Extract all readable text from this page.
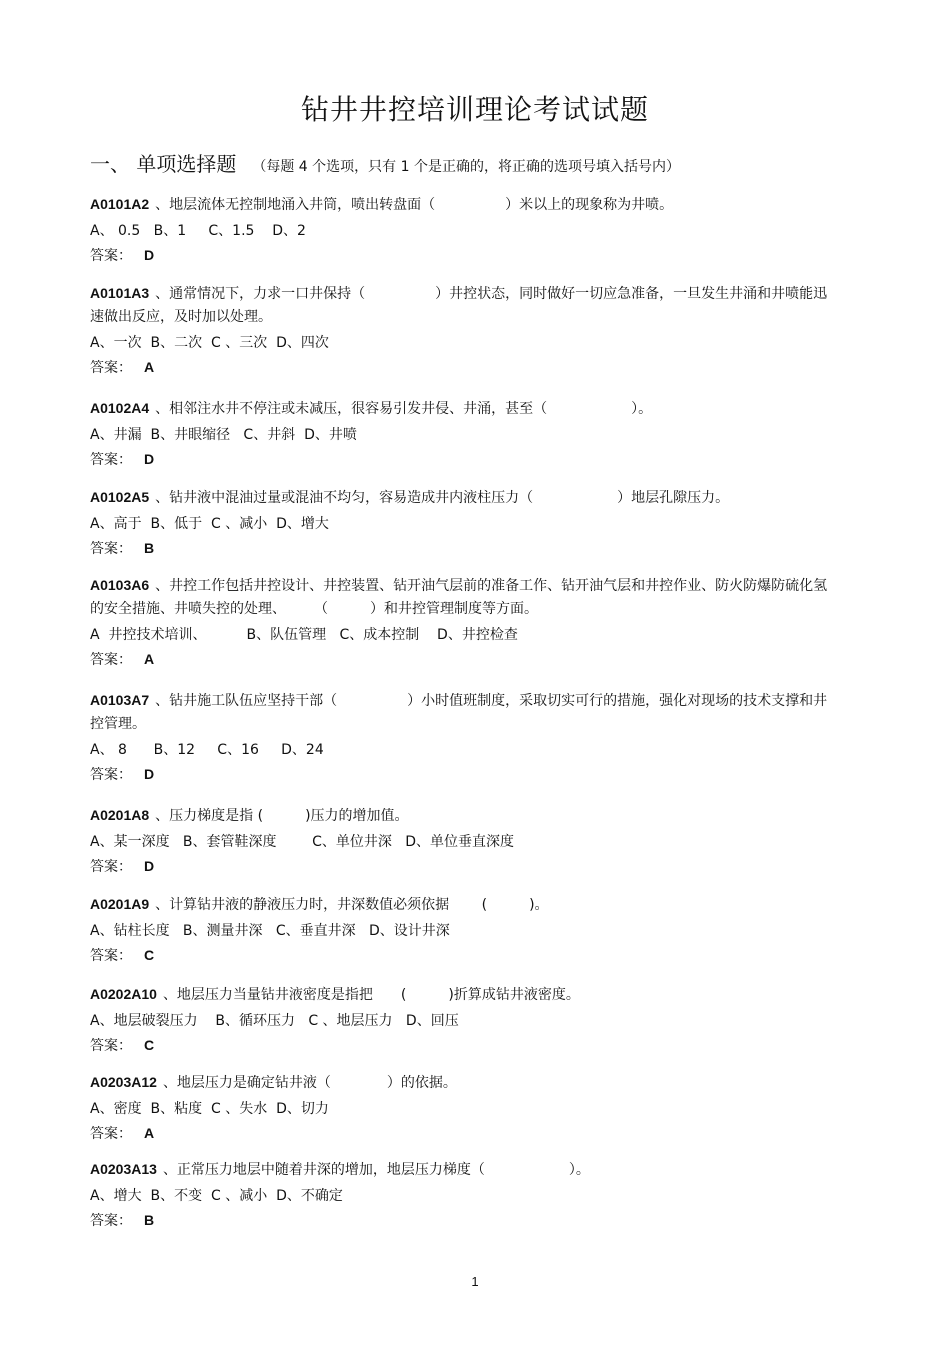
钻井井控培训理论考试试题
一、 单项选择题 （每题 4 个选项，只有 1 个是正确的，将正确的选项号填入括号内）

A0101A2 、地层流体无控制地涌入井筒，喷出转盘面（　　　　　）米以上的现象称为井喷。

A、 0.5   B、1     C、1.5    D、2
答案： D

A0101A3 、通常情况下，力求一口井保持（　　　　　）井控状态，同时做好一切应急准备，一旦发生井涌和井喷能迅速做出反应，及时加以处理。

A、一次  B、二次  C 、三次  D、四次
答案： A

A0102A4 、相邻注水井不停注或未减压，很容易引发井侵、井涌，甚至（　　　　　　）。

A、井漏  B、井眼缩径   C、井斜  D、井喷
答案： D

A0102A5 、钻井液中混油过量或混油不均匀，容易造成井内液柱压力（　　　　　　）地层孔隙压力。

A、高于  B、低于  C 、减小  D、增大
答案： B

A0103A6 、井控工作包括井控设计、井控装置、钻开油气层前的准备工作、钻开油气层和井控作业、防火防爆防硫化氢的安全措施、井喷失控的处理、　　　（　　　）和井控管理制度等方面。

A  井控技术培训、         B、队伍管理   C、成本控制    D、井控检查
答案： A

A0103A7 、钻井施工队伍应坚持干部（　　　　　）小时值班制度，采取切实可行的措施，强化对现场的技术支撑和井控管理。

A、 8      B、12     C、16     D、24
答案： D

A0201A8 、压力梯度是指 (　　　)压力的增加值。

A、某一深度   B、套管鞋深度        C、单位井深   D、单位垂直深度
答案： D

A0201A9 、计算钻井液的静液压力时，井深数值必须依据　　 (　　　)。

A、钻柱长度   B、测量井深   C、垂直井深   D、设计井深
答案： C

A0202A10 、地层压力当量钻井液密度是指把　　(　　　)折算成钻井液密度。

A、地层破裂压力    B、循环压力   C 、地层压力   D、回压
答案： C

A0203A12 、地层压力是确定钻井液（　　　　）的依据。

A、密度  B、粘度  C 、失水  D、切力
答案： A

A0203A13 、正常压力地层中随着井深的增加，地层压力梯度（　　　　　　）。

A、增大  B、不变  C 、减小  D、不确定
答案： B
1
